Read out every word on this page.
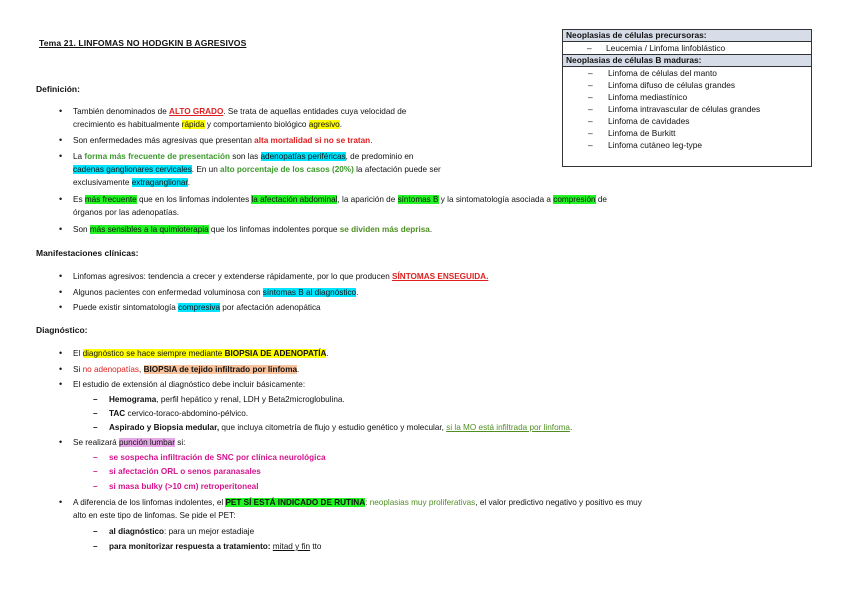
Tema 21. LINFOMAS NO HODGKIN B AGRESIVOS
Neoplasias de células precursoras:
– Leucemia / Linfoma linfoblástico
Neoplasias de células B maduras:
– Linfoma de células del manto
– Linfoma difuso de células grandes
– Linfoma mediastínico
– Linfoma intravascular de células grandes
– Linfoma de cavidades
– Linfoma de Burkitt
– Linfoma cutáneo leg-type
Definición:
• También denominados de ALTO GRADO. Se trata de aquellas entidades cuya velocidad de
crecimiento es habitualmente rápida y comportamiento biológico agresivo.
• Son enfermedades más agresivas que presentan alta mortalidad si no se tratan.
• La forma más frecuente de presentación son las adenopatías periféricas, de predominio en
cadenas ganglionares cervicales. En un alto porcentaje de los casos (20%) la afectación puede ser
exclusivamente extraganglionar.
• Es más frecuente que en los linfomas indolentes la afectación abdominal, la aparición de síntomas B y la sintomatología asociada a compresión de
órganos por las adenopatías.
• Son más sensibles a la quimioterapia que los linfomas indolentes porque se dividen más deprisa.
Manifestaciones clínicas:
• Linfomas agresivos: tendencia a crecer y extenderse rápidamente, por lo que producen SÍNTOMAS ENSEGUIDA.
• Algunos pacientes con enfermedad voluminosa con síntomas B al diagnóstico.
• Puede existir sintomatología compresiva por afectación adenopática
Diagnóstico:
• El diagnóstico se hace siempre mediante BIOPSIA DE ADENOPATÍA.
• Si no adenopatías, BIOPSIA de tejido infiltrado por linfoma.
• El estudio de extensión al diagnóstico debe incluir básicamente:
– Hemograma, perfil hepático y renal, LDH y Beta2microglobulina.
– TAC cervico-toraco-abdomino-pélvico.
– Aspirado y Biopsia medular, que incluya citometría de flujo y estudio genético y molecular, si la MO está infiltrada por linfoma.
• Se realizará punción lumbar si:
– se sospecha infiltración de SNC por clínica neurológica
– si afectación ORL o senos paranasales
– si masa bulky (>10 cm) retroperitoneal
• A diferencia de los linfomas indolentes, el PET SÍ ESTÁ INDICADO DE RUTINA: neoplasias muy proliferativas, el valor predictivo negativo y positivo es muy
alto en este tipo de linfomas. Se pide el PET:
– al diagnóstico: para un mejor estadiaje
– para monitorizar respuesta a tratamiento: mitad y fin tto
